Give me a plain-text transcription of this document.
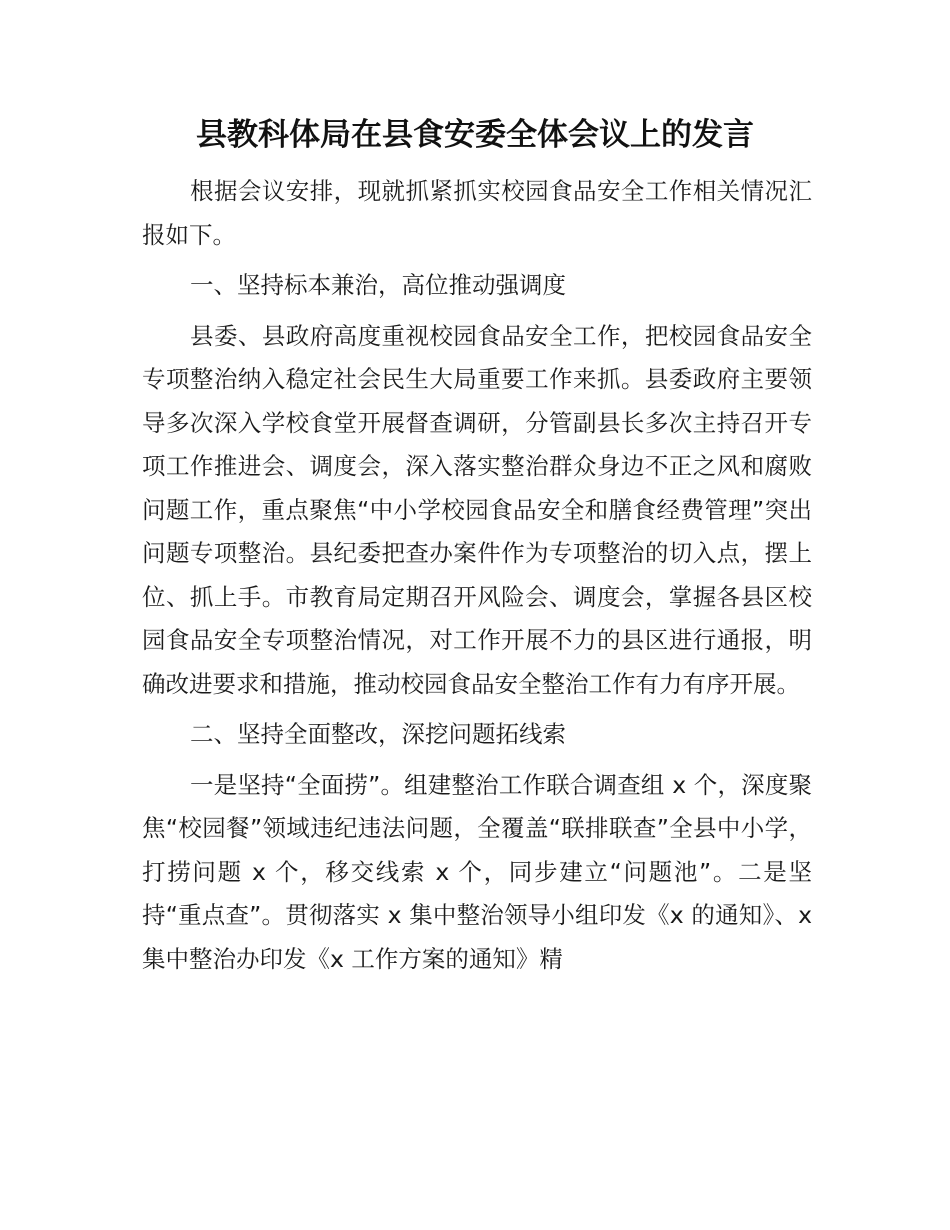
县教科体局在县食安委全体会议上的发言

根据会议安排，现就抓紧抓实校园食品安全工作相关情况汇报如下。

一、坚持标本兼治，高位推动强调度

县委、县政府高度重视校园食品安全工作，把校园食品安全专项整治纳入稳定社会民生大局重要工作来抓。县委政府主要领导多次深入学校食堂开展督查调研，分管副县长多次主持召开专项工作推进会、调度会，深入落实整治群众身边不正之风和腐败问题工作，重点聚焦“中小学校园食品安全和膳食经费管理”突出问题专项整治。县纪委把查办案件作为专项整治的切入点，摆上位、抓上手。市教育局定期召开风险会、调度会，掌握各县区校园食品安全专项整治情况，对工作开展不力的县区进行通报，明确改进要求和措施，推动校园食品安全整治工作有力有序开展。

二、坚持全面整改，深挖问题拓线索

一是坚持“全面捞”。组建整治工作联合调查组 x 个，深度聚焦“校园餐”领域违纪违法问题，全覆盖“联排联查”全县中小学，打捞问题 x 个，移交线索 x 个，同步建立“问题池”。二是坚持“重点查”。贯彻落实 x 集中整治领导小组印发《x 的通知》、x 集中整治办印发《x 工作方案的通知》精
